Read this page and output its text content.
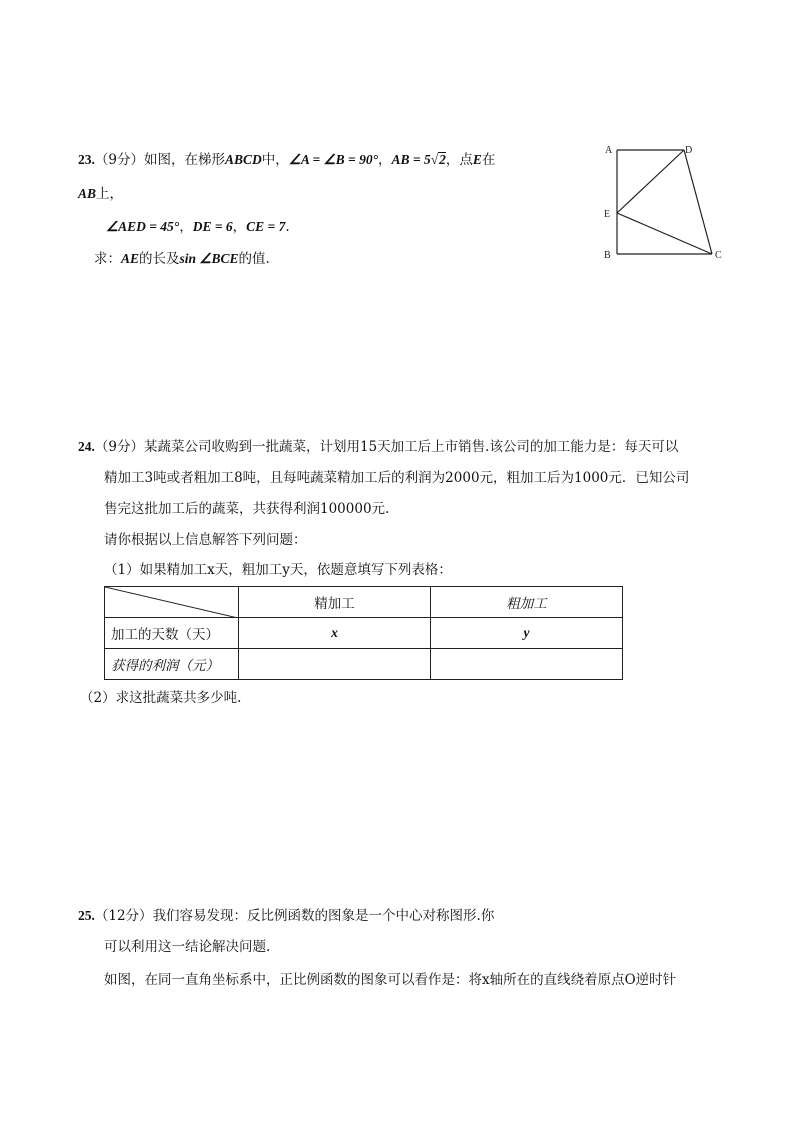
23.（9分）如图，在梯形ABCD中，∠A = ∠B = 90°，AB = 5√2，点E在
AB上，
∠AED = 45°，DE = 6，CE = 7.
求：AE的长及sin ∠BCE的值.
A	D
E
B	C
24.（9分）某蔬菜公司收购到一批蔬菜，计划用15天加工后上市销售.该公司的加工能力是：每天可以
精加工3吨或者粗加工8吨，且每吨蔬菜精加工后的利润为2000元，粗加工后为1000元．已知公司
售完这批加工后的蔬菜，共获得利润100000元.
请你根据以上信息解答下列问题：
（1）如果精加工x天，粗加工y天，依题意填写下列表格：
	精加工	粗加工
加工的天数（天）	x	y
获得的利润（元）		
（2）求这批蔬菜共多少吨.
25.（12分）我们容易发现：反比例函数的图象是一个中心对称图形.你
可以利用这一结论解决问题.
如图，在同一直角坐标系中，正比例函数的图象可以看作是：将x轴所在的直线绕着原点O逆时针
